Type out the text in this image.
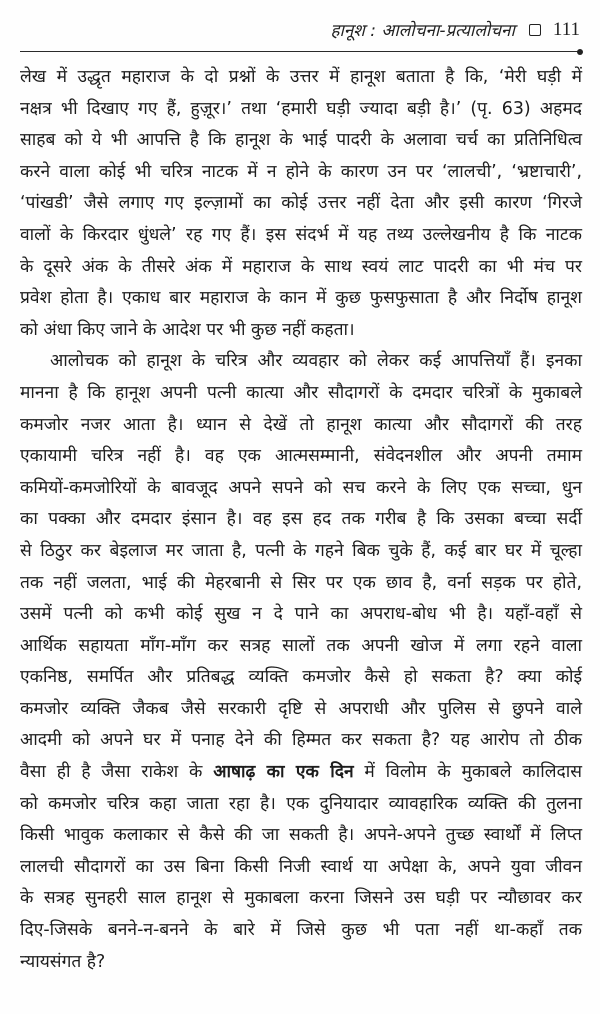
हानूश : आलोचना-प्रत्यालोचना 111

लेख में उद्धृत महाराज के दो प्रश्नों के उत्तर में हानूश बताता है कि, ‘मेरी घड़ी में
नक्षत्र भी दिखाए गए हैं, हुज़ूर।’ तथा ‘हमारी घड़ी ज्यादा बड़ी है।’ (पृ. 63) अहमद
साहब को ये भी आपत्ति है कि हानूश के भाई पादरी के अलावा चर्च का प्रतिनिधित्व
करने वाला कोई भी चरित्र नाटक में न होने के कारण उन पर ‘लालची’, ‘भ्रष्टाचारी’,
‘पांखडी’ जैसे लगाए गए इल्ज़ामों का कोई उत्तर नहीं देता और इसी कारण ‘गिरजे
वालों के किरदार धुंधले’ रह गए हैं। इस संदर्भ में यह तथ्य उल्लेखनीय है कि नाटक
के दूसरे अंक के तीसरे अंक में महाराज के साथ स्वयं लाट पादरी का भी मंच पर
प्रवेश होता है। एकाध बार महाराज के कान में कुछ फुसफुसाता है और निर्दोष हानूश
को अंधा किए जाने के आदेश पर भी कुछ नहीं कहता।

आलोचक को हानूश के चरित्र और व्यवहार को लेकर कई आपत्तियाँ हैं। इनका
मानना है कि हानूश अपनी पत्नी कात्या और सौदागरों के दमदार चरित्रों के मुकाबले
कमजोर नजर आता है। ध्यान से देखें तो हानूश कात्या और सौदागरों की तरह
एकायामी चरित्र नहीं है। वह एक आत्मसम्मानी, संवेदनशील और अपनी तमाम
कमियों-कमजोरियों के बावजूद अपने सपने को सच करने के लिए एक सच्चा, धुन
का पक्का और दमदार इंसान है। वह इस हद तक गरीब है कि उसका बच्चा सर्दी
से ठिठुर कर बेइलाज मर जाता है, पत्नी के गहने बिक चुके हैं, कई बार घर में चूल्हा
तक नहीं जलता, भाई की मेहरबानी से सिर पर एक छाव है, वर्ना सड़क पर होते,
उसमें पत्नी को कभी कोई सुख न दे पाने का अपराध-बोध भी है। यहाँ-वहाँ से
आर्थिक सहायता माँग-माँग कर सत्रह सालों तक अपनी खोज में लगा रहने वाला
एकनिष्ठ, समर्पित और प्रतिबद्ध व्यक्ति कमजोर कैसे हो सकता है? क्या कोई
कमजोर व्यक्ति जैकब जैसे सरकारी दृष्टि से अपराधी और पुलिस से छुपने वाले
आदमी को अपने घर में पनाह देने की हिम्मत कर सकता है? यह आरोप तो ठीक
वैसा ही है जैसा राकेश के आषाढ़ का एक दिन में विलोम के मुकाबले कालिदास
को कमजोर चरित्र कहा जाता रहा है। एक दुनियादार व्यावहारिक व्यक्ति की तुलना
किसी भावुक कलाकार से कैसे की जा सकती है। अपने-अपने तुच्छ स्वार्थों में लिप्त
लालची सौदागरों का उस बिना किसी निजी स्वार्थ या अपेक्षा के, अपने युवा जीवन
के सत्रह सुनहरी साल हानूश से मुकाबला करना जिसने उस घड़ी पर न्यौछावर कर
दिए-जिसके बनने-न-बनने के बारे में जिसे कुछ भी पता नहीं था-कहाँ तक
न्यायसंगत है?
